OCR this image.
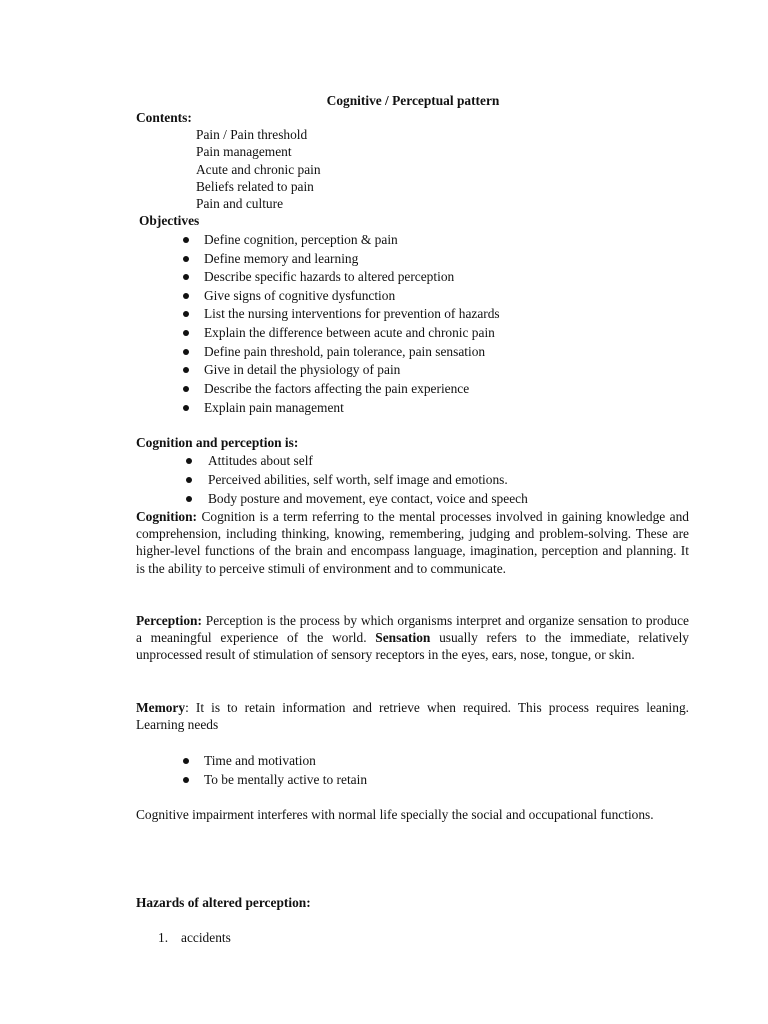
Cognitive / Perceptual pattern
Contents:
Pain / Pain threshold
Pain management
Acute and chronic pain
Beliefs related to pain
Pain and culture
Objectives
Define cognition, perception & pain
Define memory and learning
Describe specific hazards to altered perception
Give signs of cognitive dysfunction
List the nursing interventions for prevention of hazards
Explain the difference between acute and chronic pain
Define pain threshold, pain tolerance, pain sensation
Give in detail the physiology of pain
Describe the factors affecting the pain experience
Explain pain management
Cognition and perception is:
Attitudes about self
Perceived abilities, self worth, self image and emotions.
Body posture and movement, eye contact, voice and speech
Cognition: Cognition is a term referring to the mental processes involved in gaining knowledge and comprehension, including thinking, knowing, remembering, judging and problem-solving. These are higher-level functions of the brain and encompass language, imagination, perception and planning. It is the ability to perceive stimuli of environment and to communicate.
Perception: Perception is the process by which organisms interpret and organize sensation to produce a meaningful experience of the world. Sensation usually refers to the immediate, relatively unprocessed result of stimulation of sensory receptors in the eyes, ears, nose, tongue, or skin.
Memory: It is to retain information and retrieve when required. This process requires leaning. Learning needs
Time and motivation
To be mentally active to retain
Cognitive impairment interferes with normal life specially the social and occupational functions.
Hazards of altered perception:
1. accidents
